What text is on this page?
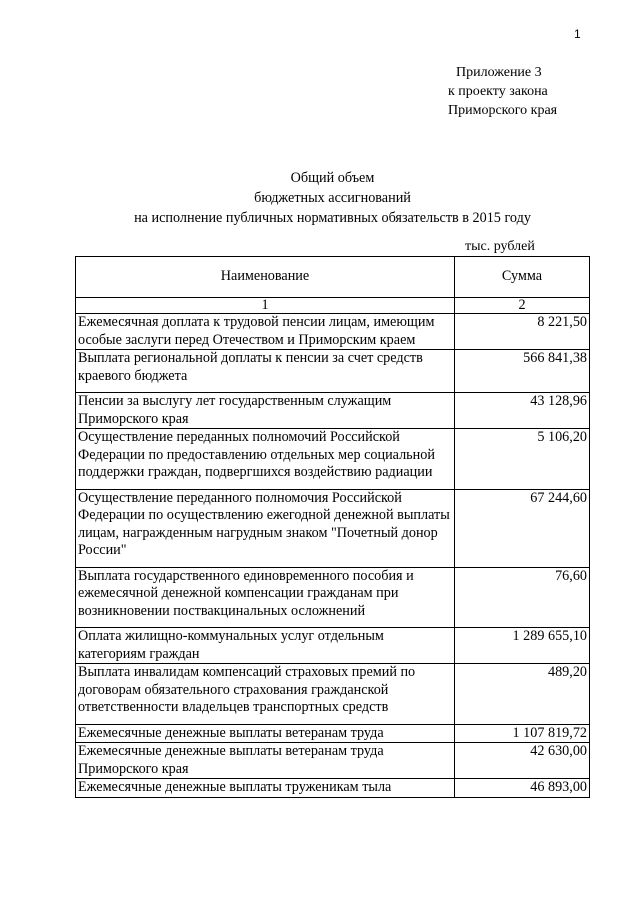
1
Приложение 3
к проекту закона
Приморского края
Общий объем
бюджетных ассигнований
на исполнение публичных нормативных обязательств в 2015 году
тыс. рублей
Наименование	Сумма
1	2
Ежемесячная доплата к трудовой пенсии лицам, имеющим особые заслуги перед Отечеством и Приморским краем	8 221,50
Выплата региональной доплаты к пенсии за счет средств краевого бюджета	566 841,38
Пенсии за выслугу лет государственным служащим Приморского края	43 128,96
Осуществление переданных полномочий Российской Федерации по предоставлению отдельных мер социальной поддержки граждан, подвергшихся воздействию радиации	5 106,20
Осуществление переданного полномочия Российской Федерации по осуществлению ежегодной денежной выплаты лицам, награжденным нагрудным знаком "Почетный донор России"	67 244,60
Выплата государственного единовременного пособия и ежемесячной денежной компенсации гражданам при возникновении поствакцинальных осложнений	76,60
Оплата жилищно-коммунальных услуг отдельным категориям граждан	1 289 655,10
Выплата инвалидам компенсаций страховых премий по договорам обязательного страхования гражданской ответственности владельцев транспортных средств	489,20
Ежемесячные денежные выплаты ветеранам труда	1 107 819,72
Ежемесячные денежные выплаты ветеранам труда Приморского края	42 630,00
Ежемесячные денежные выплаты труженикам тыла	46 893,00
